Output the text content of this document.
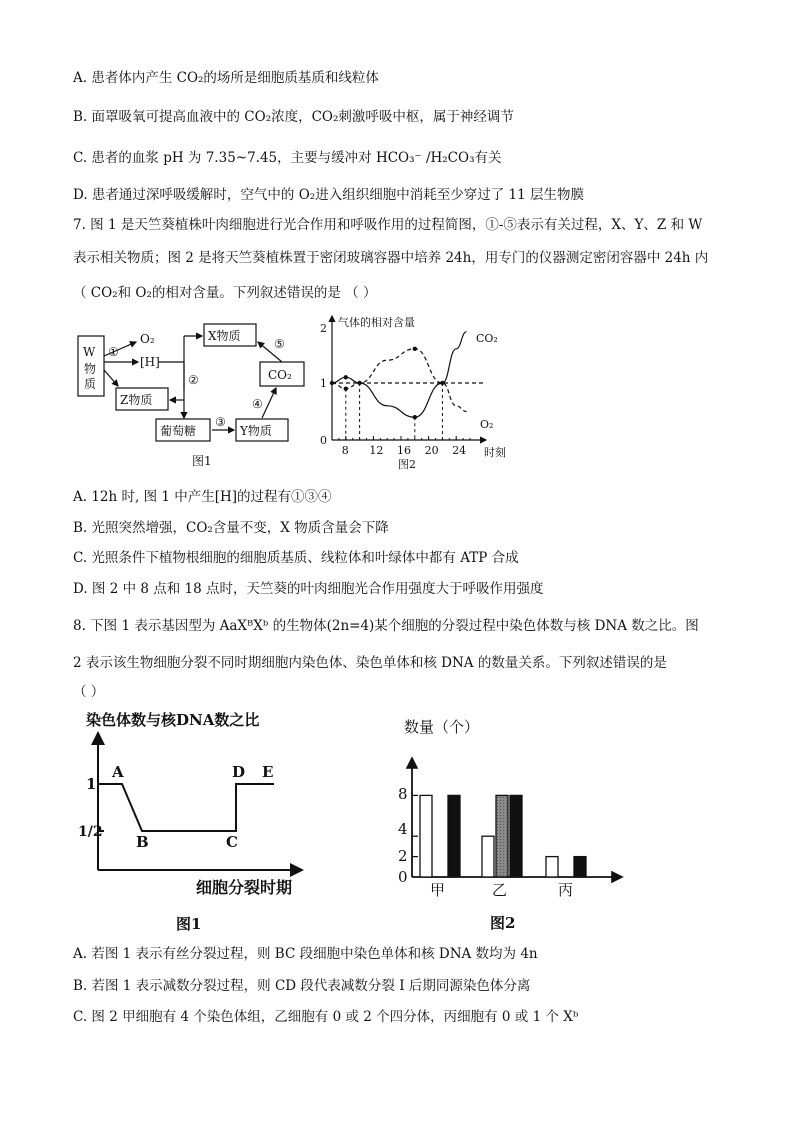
A. 患者体内产生 CO₂的场所是细胞质基质和线粒体
B. 面罩吸氧可提高血液中的 CO₂浓度，CO₂刺激呼吸中枢，属于神经调节
C. 患者的血浆 pH 为 7.35~7.45，主要与缓冲对 HCO₃⁻ /H₂CO₃有关
D. 患者通过深呼吸缓解时，空气中的 O₂进入组织细胞中消耗至少穿过了 11 层生物膜
7. 图 1 是天竺葵植株叶肉细胞进行光合作用和呼吸作用的过程简图，①-⑤表示有关过程，X、Y、Z 和 W
表示相关物质；图 2 是将天竺葵植株置于密闭玻璃容器中培养 24h，用专门的仪器测定密闭容器中 24h 内
（ CO₂和 O₂的相对含量。下列叙述错误的是 （ ）
W
物
质
X物质
Z物质
CO₂
葡萄糖	Y物质
O₂
[H]
①
②
③
④
⑤
图1
气体的相对含量
2
1
0
时刻
CO₂
O₂
图2
8 12 16 20 24
A. 12h 时, 图 1 中产生[H]的过程有①③④
B. 光照突然增强，CO₂含量不变，X 物质含量会下降
C. 光照条件下植物根细胞的细胞质基质、线粒体和叶绿体中都有 ATP 合成
D. 图 2 中 8 点和 18 点时，天竺葵的叶肉细胞光合作用强度大于呼吸作用强度
8. 下图 1 表示基因型为 AaXᴮXᵇ 的生物体(2n=4)某个细胞的分裂过程中染色体数与核 DNA 数之比。图
2 表示该生物细胞分裂不同时期细胞内染色体、染色单体和核 DNA 的数量关系。下列叙述错误的是
（ ）
染色体数与核DNA数之比
1
1/2
A
B	C
D E
细胞分裂时期
图1
数量（个）
8
4
2
0
甲	乙	丙
图2
A. 若图 1 表示有丝分裂过程，则 BC 段细胞中染色单体和核 DNA 数均为 4n
B. 若图 1 表示减数分裂过程，则 CD 段代表减数分裂 I 后期同源染色体分离
C. 图 2 甲细胞有 4 个染色体组，乙细胞有 0 或 2 个四分体，丙细胞有 0 或 1 个 Xᵇ
